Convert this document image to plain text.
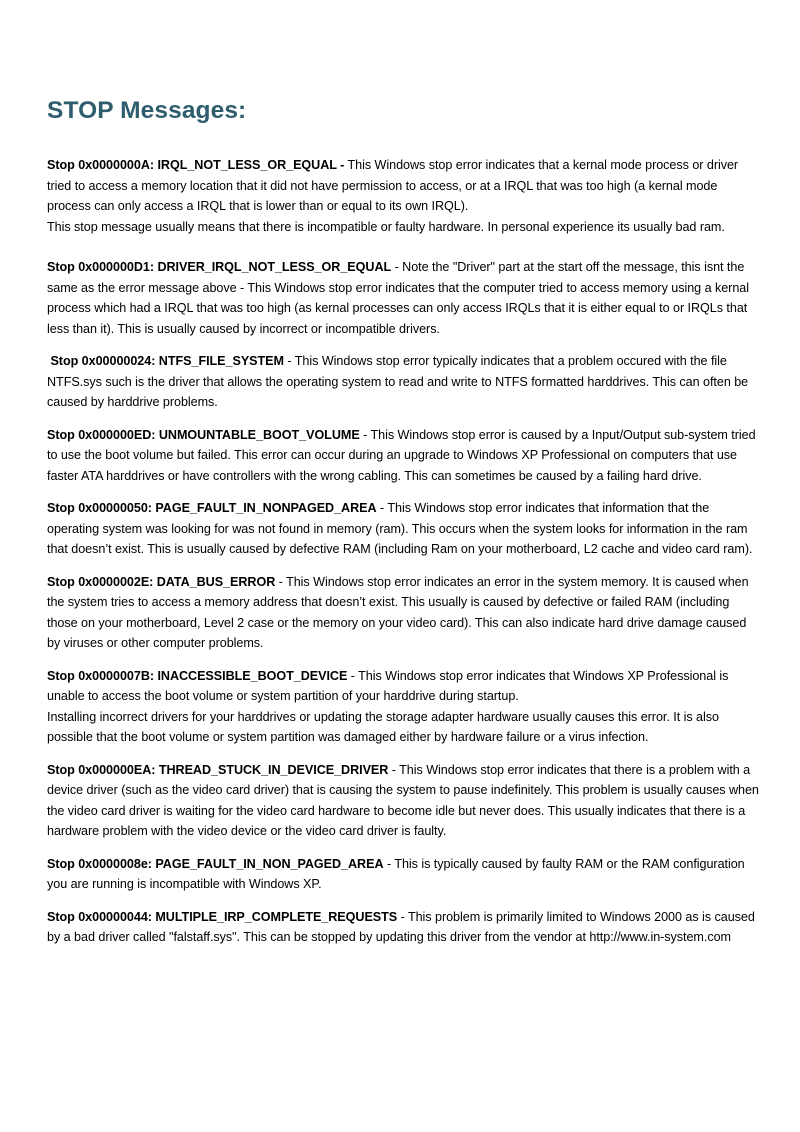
STOP Messages:

Stop 0x0000000A: IRQL_NOT_LESS_OR_EQUAL - This Windows stop error indicates that a kernal mode process or driver tried to access a memory location that it did not have permission to access, or at a IRQL that was too high (a kernal mode process can only access a IRQL that is lower than or equal to its own IRQL).

This stop message usually means that there is incompatible or faulty hardware. In personal experience its usually bad ram.

Stop 0x000000D1: DRIVER_IRQL_NOT_LESS_OR_EQUAL - Note the "Driver" part at the start off the message, this isnt the same as the error message above - This Windows stop error indicates that the computer tried to access memory using a kernal process which had a IRQL that was too high (as kernal processes can only access IRQLs that it is either equal to or IRQLs that less than it). This is usually caused by incorrect or incompatible drivers.

Stop 0x00000024: NTFS_FILE_SYSTEM - This Windows stop error typically indicates that a problem occured with the file NTFS.sys such is the driver that allows the operating system to read and write to NTFS formatted harddrives. This can often be caused by harddrive problems.

Stop 0x000000ED: UNMOUNTABLE_BOOT_VOLUME - This Windows stop error is caused by a Input/Output sub-system tried to use the boot volume but failed. This error can occur during an upgrade to Windows XP Professional on computers that use faster ATA harddrives or have controllers with the wrong cabling. This can sometimes be caused by a failing hard drive.

Stop 0x00000050: PAGE_FAULT_IN_NONPAGED_AREA - This Windows stop error indicates that information that the operating system was looking for was not found in memory (ram). This occurs when the system looks for information in the ram that doesn’t exist. This is usually caused by defective RAM (including Ram on your motherboard, L2 cache and video card ram).

Stop 0x0000002E: DATA_BUS_ERROR - This Windows stop error indicates an error in the system memory. It is caused when the system tries to access a memory address that doesn’t exist. This usually is caused by defective or failed RAM (including those on your motherboard, Level 2 case or the memory on your video card). This can also indicate hard drive damage caused by viruses or other computer problems.

Stop 0x0000007B: INACCESSIBLE_BOOT_DEVICE - This Windows stop error indicates that Windows XP Professional is unable to access the boot volume or system partition of your harddrive during startup.

Installing incorrect drivers for your harddrives or updating the storage adapter hardware usually causes this error. It is also possible that the boot volume or system partition was damaged either by hardware failure or a virus infection.

Stop 0x000000EA: THREAD_STUCK_IN_DEVICE_DRIVER - This Windows stop error indicates that there is a problem with a device driver (such as the video card driver) that is causing the system to pause indefinitely. This problem is usually causes when the video card driver is waiting for the video card hardware to become idle but never does. This usually indicates that there is a hardware problem with the video device or the video card driver is faulty.

Stop 0x0000008e: PAGE_FAULT_IN_NON_PAGED_AREA - This is typically caused by faulty RAM or the RAM configuration you are running is incompatible with Windows XP.

Stop 0x00000044: MULTIPLE_IRP_COMPLETE_REQUESTS - This problem is primarily limited to Windows 2000 as is caused by a bad driver called "falstaff.sys". This can be stopped by updating this driver from the vendor at http://www.in-system.com
